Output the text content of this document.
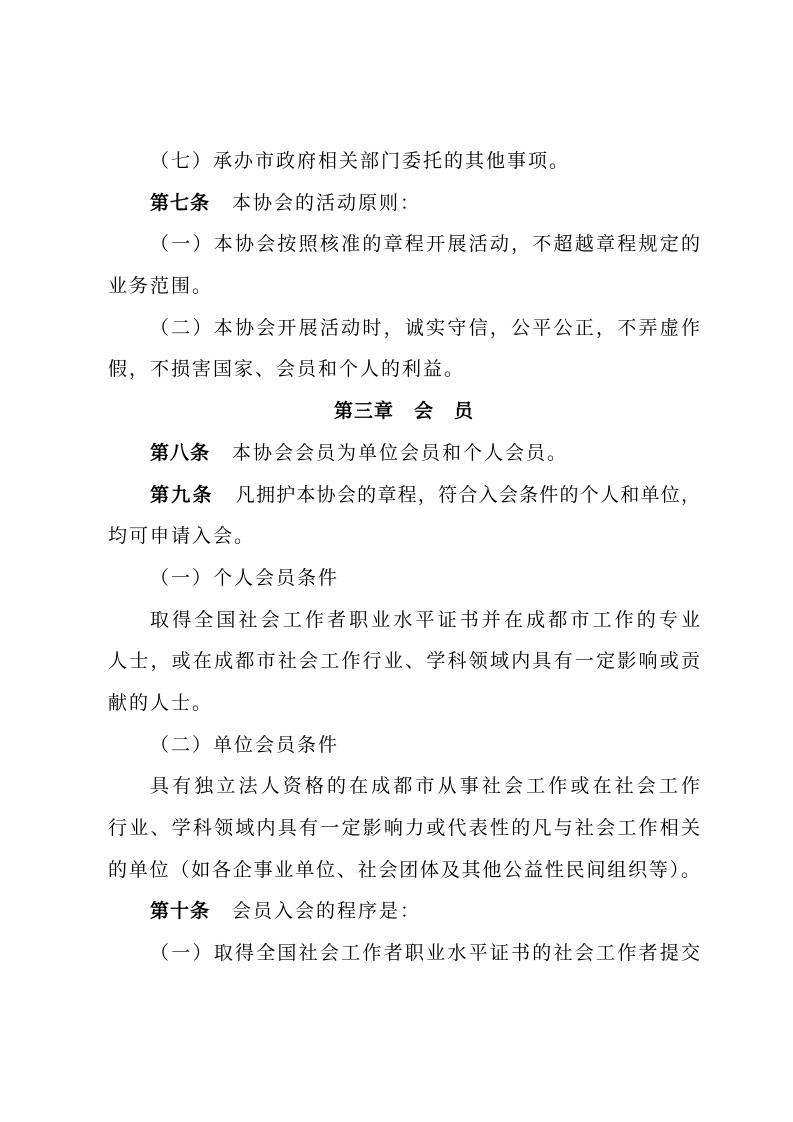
（七）承办市政府相关部门委托的其他事项。
第七条 本协会的活动原则：
（一）本协会按照核准的章程开展活动，不超越章程规定的
业务范围。
（二）本协会开展活动时，诚实守信，公平公正，不弄虚作
假，不损害国家、会员和个人的利益。
第三章　会　员
第八条 本协会会员为单位会员和个人会员。
第九条 凡拥护本协会的章程，符合入会条件的个人和单位，
均可申请入会。
（一）个人会员条件
取得全国社会工作者职业水平证书并在成都市工作的专业
人士，或在成都市社会工作行业、学科领域内具有一定影响或贡
献的人士。
（二）单位会员条件
具有独立法人资格的在成都市从事社会工作或在社会工作
行业、学科领域内具有一定影响力或代表性的凡与社会工作相关
的单位（如各企事业单位、社会团体及其他公益性民间组织等）。
第十条 会员入会的程序是：
（一）取得全国社会工作者职业水平证书的社会工作者提交
